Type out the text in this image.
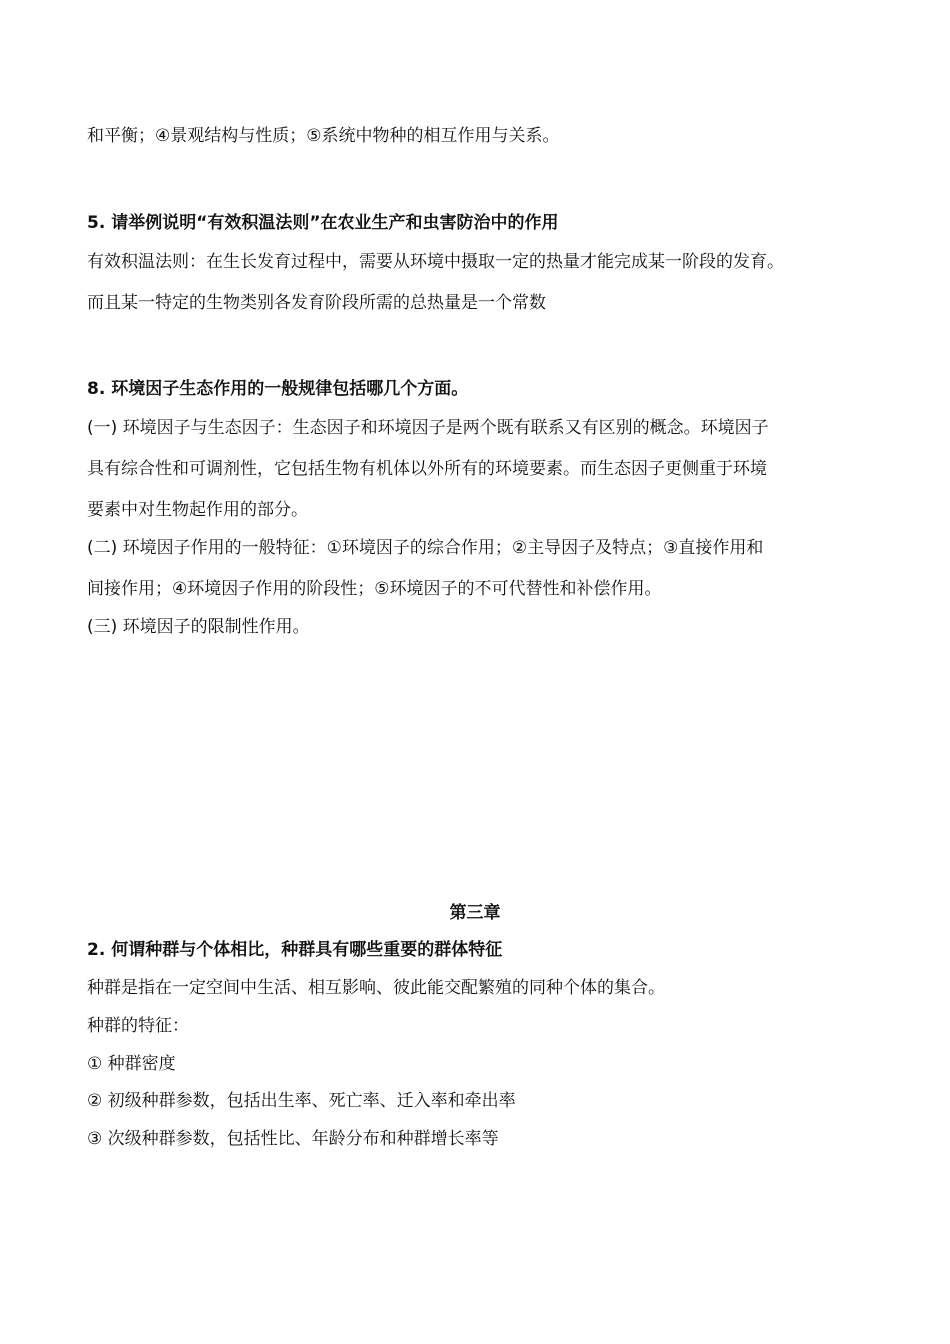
和平衡；④景观结构与性质；⑤系统中物种的相互作用与关系。
5. 请举例说明“有效积温法则”在农业生产和虫害防治中的作用
有效积温法则：在生长发育过程中，需要从环境中摄取一定的热量才能完成某一阶段的发育。
而且某一特定的生物类别各发育阶段所需的总热量是一个常数
8. 环境因子生态作用的一般规律包括哪几个方面。
(一) 环境因子与生态因子：生态因子和环境因子是两个既有联系又有区别的概念。环境因子
具有综合性和可调剂性，它包括生物有机体以外所有的环境要素。而生态因子更侧重于环境
要素中对生物起作用的部分。
(二) 环境因子作用的一般特征：①环境因子的综合作用；②主导因子及特点；③直接作用和
间接作用；④环境因子作用的阶段性；⑤环境因子的不可代替性和补偿作用。
(三) 环境因子的限制性作用。
第三章
2. 何谓种群与个体相比，种群具有哪些重要的群体特征
种群是指在一定空间中生活、相互影响、彼此能交配繁殖的同种个体的集合。
种群的特征：
① 种群密度
② 初级种群参数，包括出生率、死亡率、迁入率和牵出率
③ 次级种群参数，包括性比、年龄分布和种群增长率等
